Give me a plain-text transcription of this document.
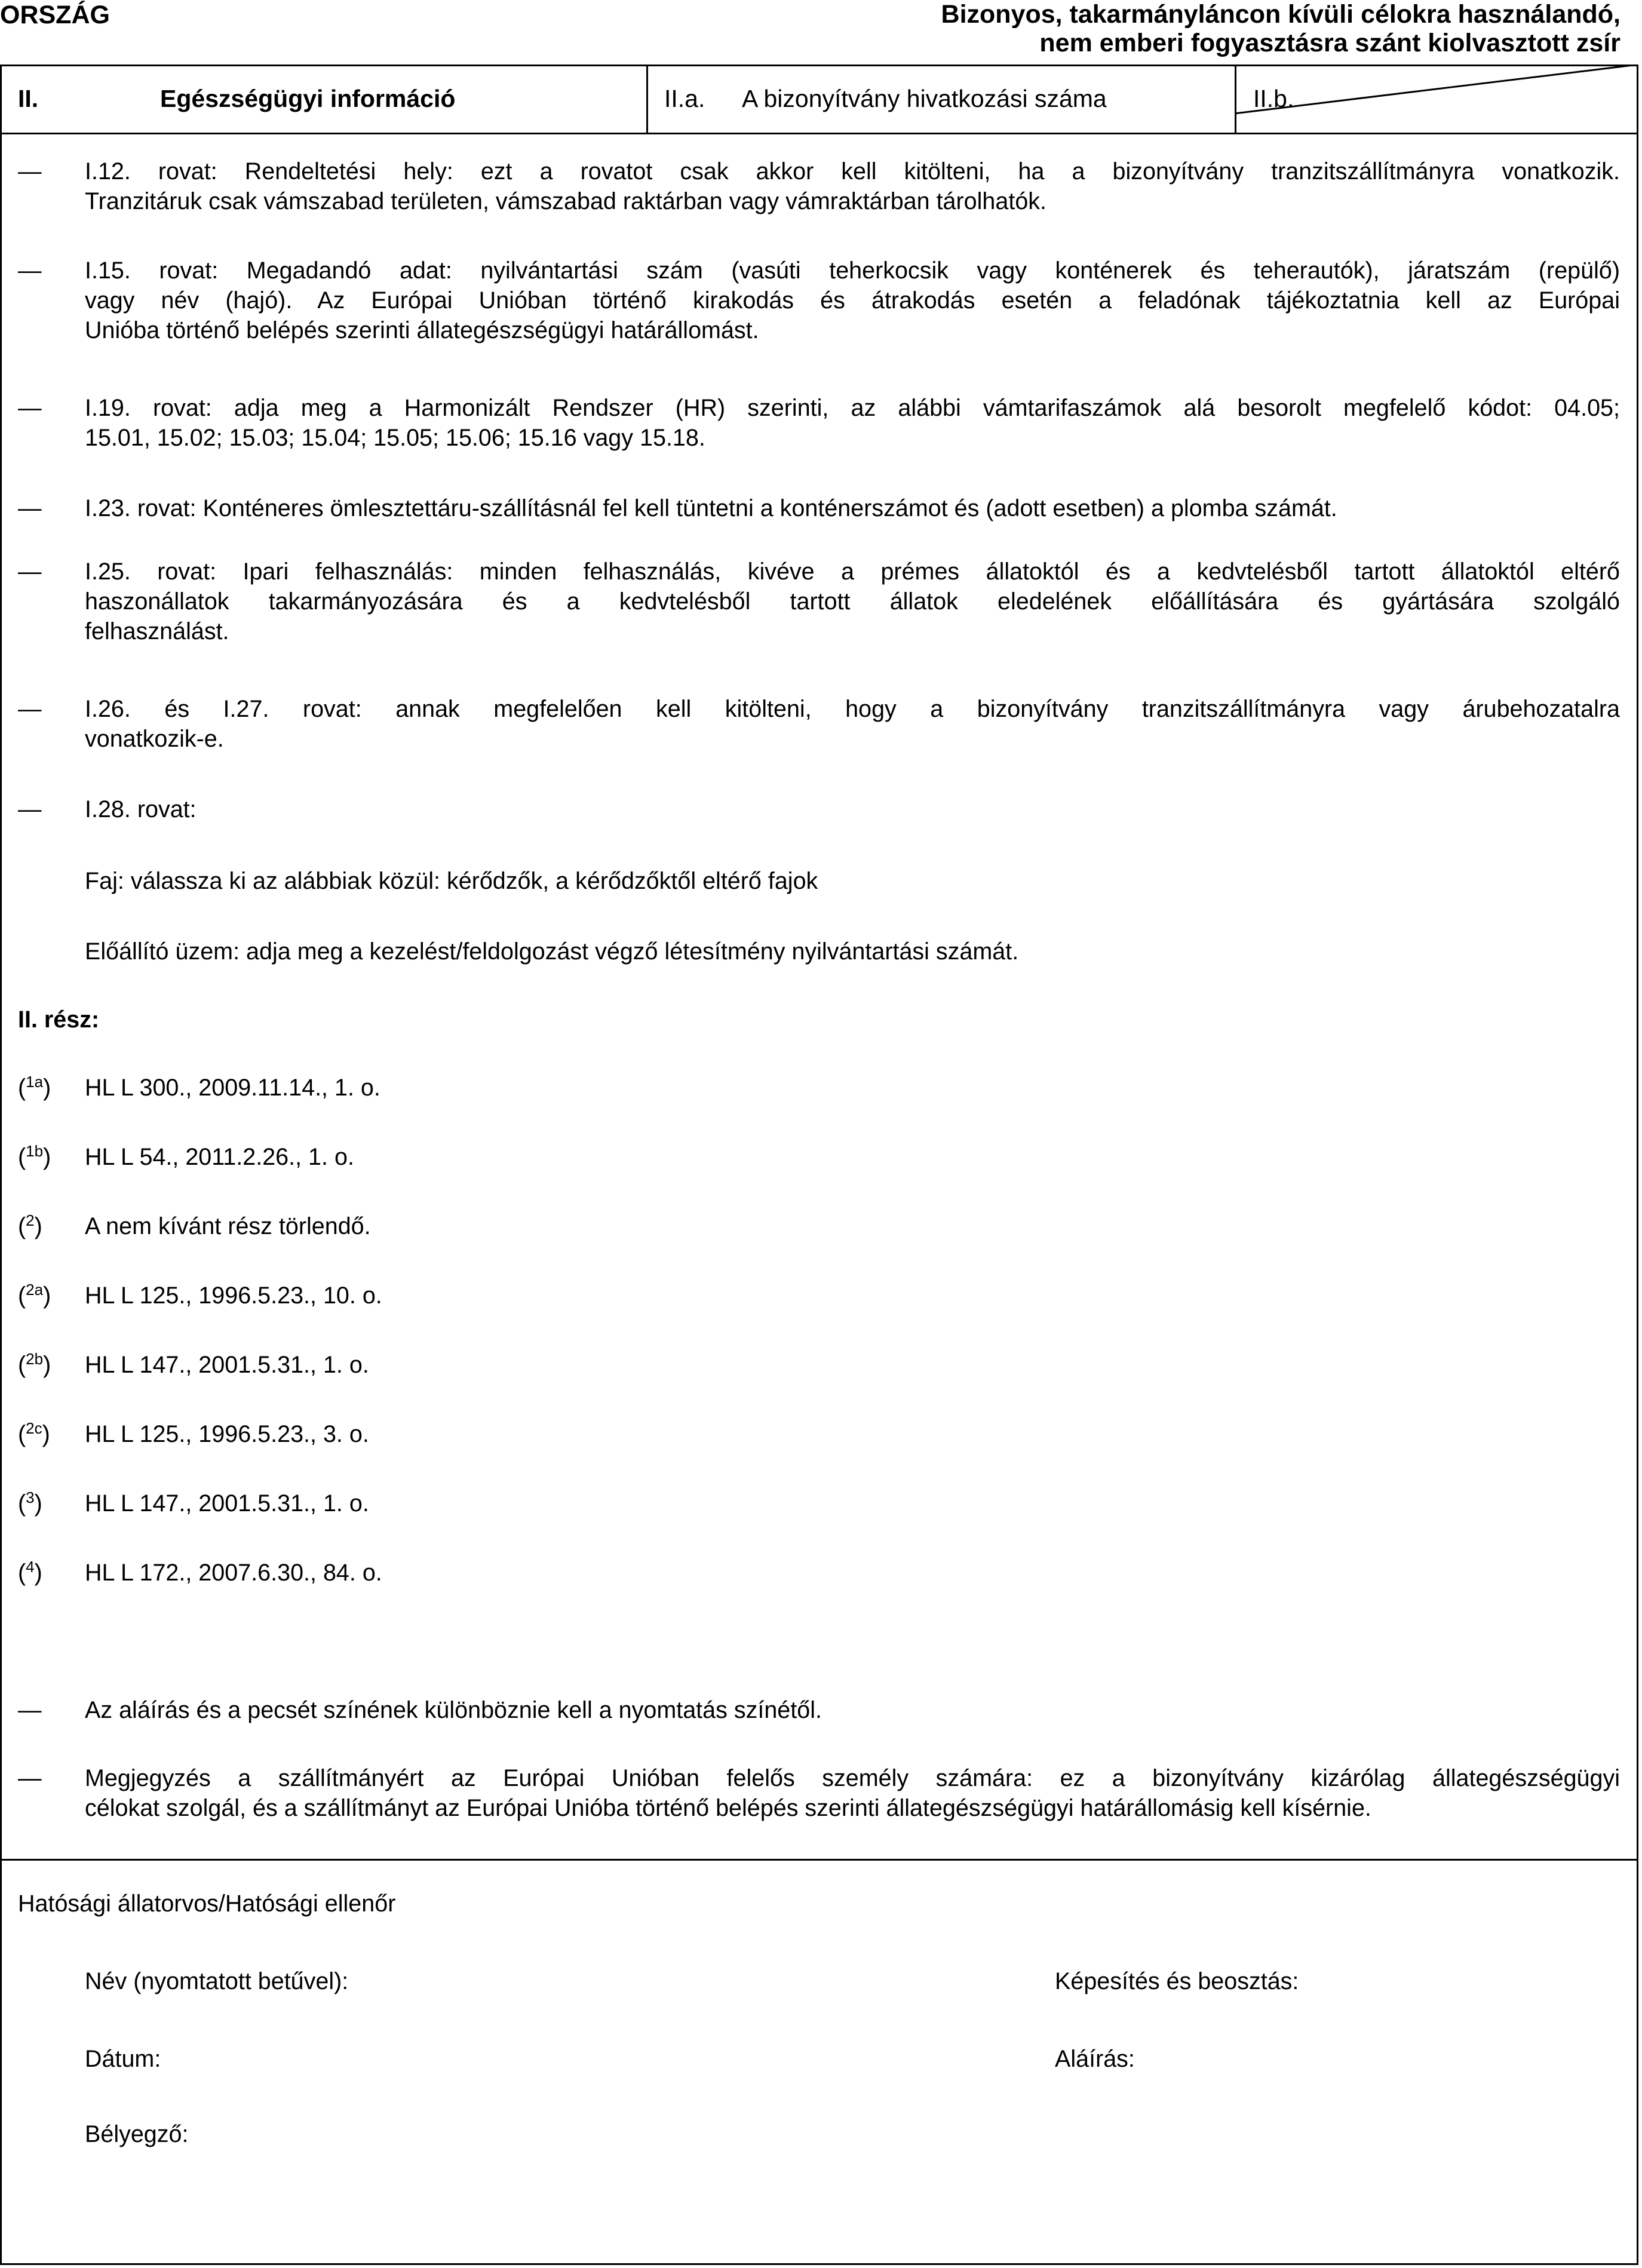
ORSZÁG	Bizonyos, takarmányláncon kívüli célokra használandó,
nem emberi fogyasztásra szánt kiolvasztott zsír
II.	Egészségügyi információ	II.a. A bizonyítvány hivatkozási száma	II.b.
— I.12. rovat: Rendeltetési hely: ezt a rovatot csak akkor kell kitölteni, ha a bizonyítvány tranzitszállítmányra vonatkozik.
Tranzitáruk csak vámszabad területen, vámszabad raktárban vagy vámraktárban tárolhatók.
— I.15. rovat: Megadandó adat: nyilvántartási szám (vasúti teherkocsik vagy konténerek és teherautók), járatszám (repülő)
vagy név (hajó). Az Európai Unióban történő kirakodás és átrakodás esetén a feladónak tájékoztatnia kell az Európai
Unióba történő belépés szerinti állategészségügyi határállomást.
— I.19. rovat: adja meg a Harmonizált Rendszer (HR) szerinti, az alábbi vámtarifaszámok alá besorolt megfelelő kódot: 04.05;
15.01, 15.02; 15.03; 15.04; 15.05; 15.06; 15.16 vagy 15.18.
— I.23. rovat: Konténeres ömlesztettáru-szállításnál fel kell tüntetni a konténerszámot és (adott esetben) a plomba számát.
— I.25. rovat: Ipari felhasználás: minden felhasználás, kivéve a prémes állatoktól és a kedvtelésből tartott állatoktól eltérő
haszonállatok takarmányozására és a kedvtelésből tartott állatok eledelének előállítására és gyártására szolgáló
felhasználást.
— I.26. és I.27. rovat: annak megfelelően kell kitölteni, hogy a bizonyítvány tranzitszállítmányra vagy árubehozatalra
vonatkozik-e.
— I.28. rovat:
Faj: válassza ki az alábbiak közül: kérődzők, a kérődzőktől eltérő fajok
Előállító üzem: adja meg a kezelést/feldolgozást végző létesítmény nyilvántartási számát.
II. rész:
($^{1a}$) HL L 300., 2009.11.14., 1. o.
($^{1b}$) HL L 54., 2011.2.26., 1. o.
($^2$) A nem kívánt rész törlendő.
($^{2a}$) HL L 125., 1996.5.23., 10. o.
($^{2b}$) HL L 147., 2001.5.31., 1. o.
($^{2c}$) HL L 125., 1996.5.23., 3. o.
($^3$) HL L 147., 2001.5.31., 1. o.
($^4$) HL L 172., 2007.6.30., 84. o.
— Az aláírás és a pecsét színének különböznie kell a nyomtatás színétől.
— Megjegyzés a szállítmányért az Európai Unióban felelős személy számára: ez a bizonyítvány kizárólag állategészségügyi
célokat szolgál, és a szállítmányt az Európai Unióba történő belépés szerinti állategészségügyi határállomásig kell kísérnie.
Hatósági állatorvos/Hatósági ellenőr
Név (nyomtatott betűvel):	Képesítés és beosztás:
Dátum:	Aláírás:
Bélyegző:
